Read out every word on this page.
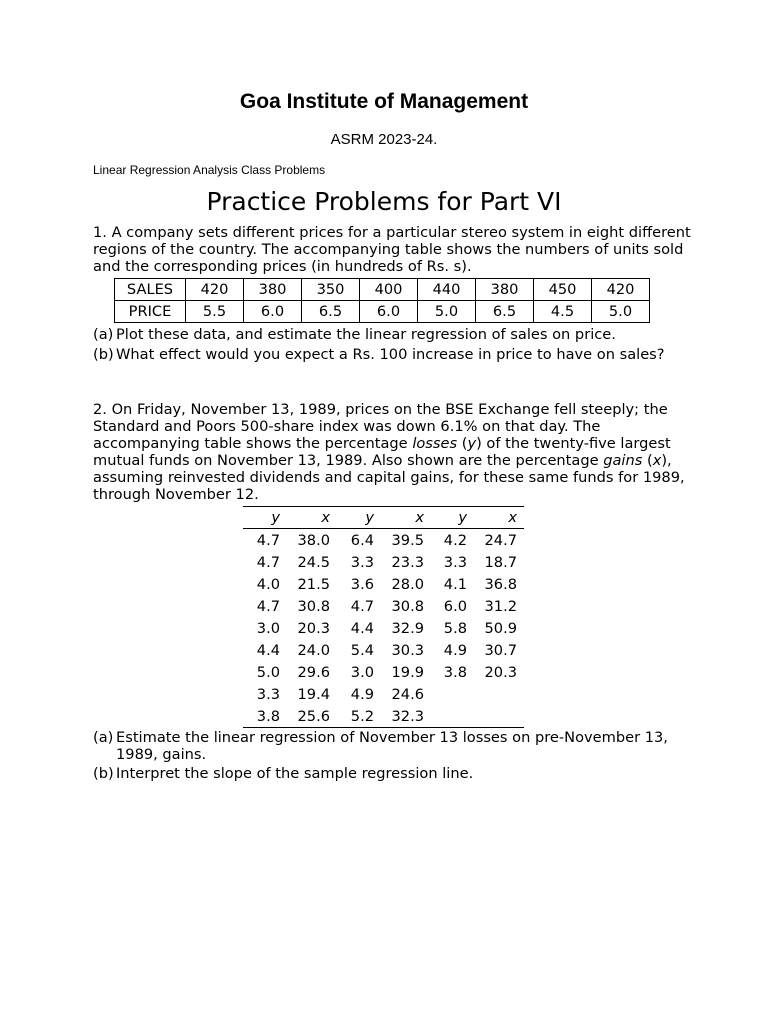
Goa Institute of Management
ASRM 2023-24.
Linear Regression Analysis Class Problems
Practice Problems for Part VI
1. A company sets different prices for a particular stereo system in eight different regions of the country. The accompanying table shows the numbers of units sold and the corresponding prices (in hundreds of Rs. s).
SALES	420	380	350	400	440	380	450	420
PRICE	5.5	6.0	6.5	6.0	5.0	6.5	4.5	5.0
(a) Plot these data, and estimate the linear regression of sales on price.
(b) What effect would you expect a Rs. 100 increase in price to have on sales?
2. On Friday, November 13, 1989, prices on the BSE Exchange fell steeply; the Standard and Poors 500-share index was down 6.1% on that day. The accompanying table shows the percentage losses (y) of the twenty-five largest mutual funds on November 13, 1989. Also shown are the percentage gains (x), assuming reinvested dividends and capital gains, for these same funds for 1989, through November 12.
y	x	y	x	y	x
4.7	38.0	6.4	39.5	4.2	24.7
4.7	24.5	3.3	23.3	3.3	18.7
4.0	21.5	3.6	28.0	4.1	36.8
4.7	30.8	4.7	30.8	6.0	31.2
3.0	20.3	4.4	32.9	5.8	50.9
4.4	24.0	5.4	30.3	4.9	30.7
5.0	29.6	3.0	19.9	3.8	20.3
3.3	19.4	4.9	24.6		
3.8	25.6	5.2	32.3		
(a) Estimate the linear regression of November 13 losses on pre-November 13, 1989, gains.
(b) Interpret the slope of the sample regression line.
